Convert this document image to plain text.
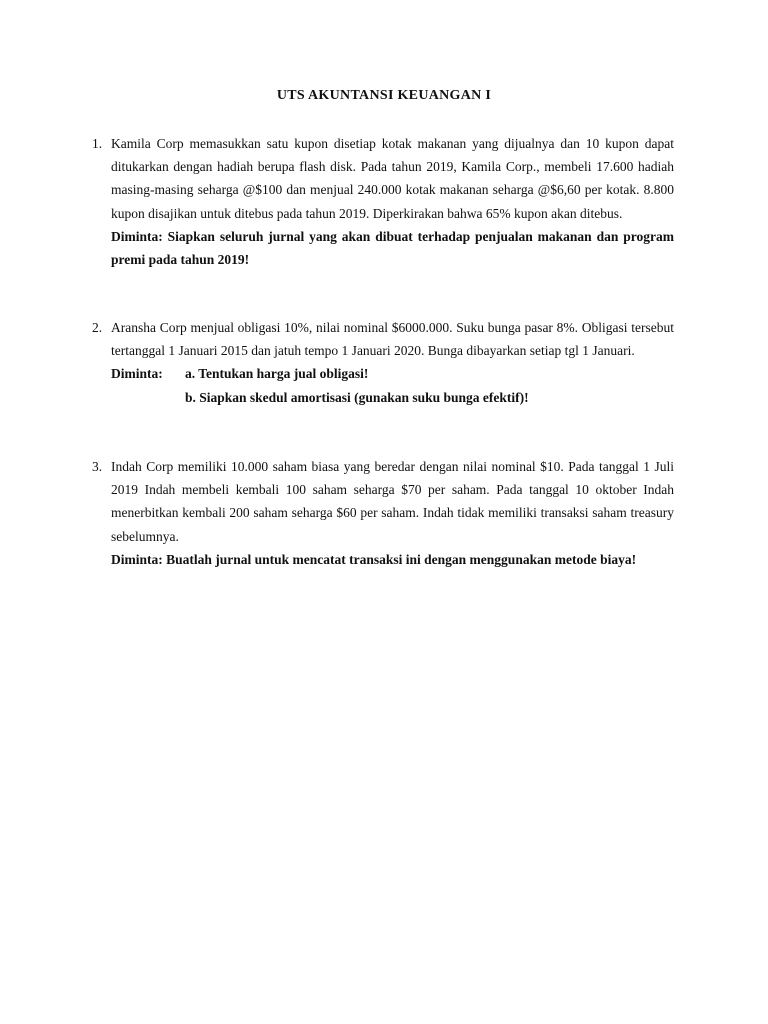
UTS AKUNTANSI KEUANGAN I
1. Kamila Corp memasukkan satu kupon disetiap kotak makanan yang dijualnya dan 10 kupon dapat ditukarkan dengan hadiah berupa flash disk. Pada tahun 2019, Kamila Corp., membeli 17.600 hadiah masing-masing seharga @$100 dan menjual 240.000 kotak makanan seharga @$6,60 per kotak. 8.800 kupon disajikan untuk ditebus pada tahun 2019. Diperkirakan bahwa 65% kupon akan ditebus.
Diminta: Siapkan seluruh jurnal yang akan dibuat terhadap penjualan makanan dan program premi pada tahun 2019!
2. Aransha Corp menjual obligasi 10%, nilai nominal $6000.000. Suku bunga pasar 8%. Obligasi tersebut tertanggal 1 Januari 2015 dan jatuh tempo 1 Januari 2020. Bunga dibayarkan setiap tgl 1 Januari.
Diminta: a. Tentukan harga jual obligasi!
b. Siapkan skedul amortisasi (gunakan suku bunga efektif)!
3. Indah Corp memiliki 10.000 saham biasa yang beredar dengan nilai nominal $10. Pada tanggal 1 Juli 2019 Indah membeli kembali 100 saham seharga $70 per saham. Pada tanggal 10 oktober Indah menerbitkan kembali 200 saham seharga $60 per saham. Indah tidak memiliki transaksi saham treasury sebelumnya.
Diminta: Buatlah jurnal untuk mencatat transaksi ini dengan menggunakan metode biaya!
